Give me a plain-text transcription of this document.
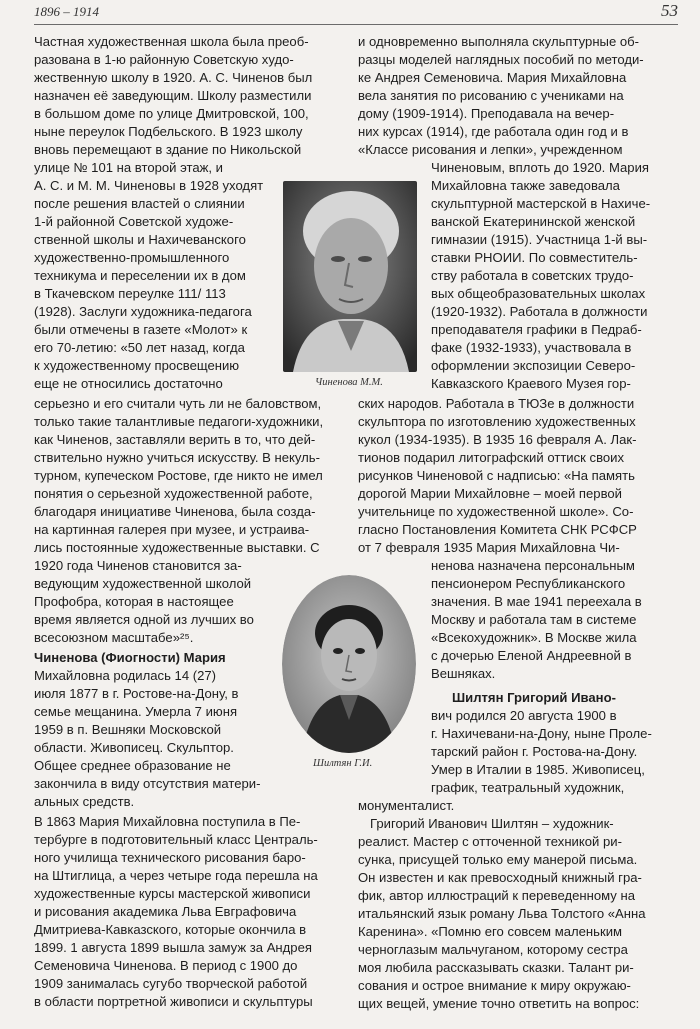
1896 – 1914	53
Чиненова М.М.
Шилтян Г.И.
Частная художественная школа была преоб-
разована в 1-ю районную Советскую худо-
жественную школу в 1920. А. С. Чиненов был
назначен её заведующим. Школу разместили
в большом доме по улице Дмитровской, 100,
ныне переулок Подбельского. В 1923 школу
вновь перемещают в здание по Никольской
улице № 101 на второй этаж, и
А. С. и М. М. Чиненовы в 1928 уходят
после решения властей о слиянии
1-й районной Советской художе-
ственной школы и Нахичеванского
художественно-промышленного
техникума и переселении их в дом
в Ткачевском переулке 111/ 113
(1928). Заслуги художника-педагога
были отмечены в газете «Молот» к
его 70-летию: «50 лет назад, когда
к художественному просвещению
еще не относились достаточно
серьезно и его считали чуть ли не баловством,
только такие талантливые педагоги-художники,
как Чиненов, заставляли верить в то, что дей-
ствительно нужно учиться искусству. В некуль-
турном, купеческом Ростове, где никто не имел
понятия о серьезной художественной работе,
благодаря инициативе Чиненова, была созда-
на картинная галерея при музее, и устраива-
лись постоянные художественные выставки. С
1920 года Чиненов становится за-
ведующим художественной школой
Профобра, которая в настоящее
время является одной из лучших во
всесоюзном масштабе»²⁵.
Чиненова (Фиогности) Мария
Михайловна родилась 14 (27)
июля 1877 в г. Ростове-на-Дону, в
семье мещанина. Умерла 7 июня
1959 в п. Вешняки Московской
области. Живописец. Скульптор.
Общее среднее образование не
закончила в виду отсутствия матери-
альных средств.
В 1863 Мария Михайловна поступила в Пе-
тербурге в подготовительный класс Централь-
ного училища технического рисования баро-
на Штиглица, а через четыре года перешла на
художественные курсы мастерской живописи
и рисования академика Льва Евграфовича
Дмитриева-Кавказского, которые окончила в
1899. 1 августа 1899 вышла замуж за Андрея
Семеновича Чиненова. В период с 1900 до
1909 занималась сугубо творческой работой
в области портретной живописи и скульптуры
и одновременно выполняла скульптурные об-
разцы моделей наглядных пособий по методи-
ке Андрея Семеновича. Мария Михайловна
вела занятия по рисованию с учениками на
дому (1909-1914). Преподавала на вечер-
них курсах (1914), где работала один год и в
«Классе рисования и лепки», учрежденном
Чиненовым, вплоть до 1920. Мария
Михайловна также заведовала
скульптурной мастерской в Нахиче-
ванской Екатерининской женской
гимназии (1915). Участница 1-й вы-
ставки РНОИИ. По совместитель-
ству работала в советских трудо-
вых общеобразовательных школах
(1920-1932). Работала в должности
преподавателя графики в Педраб-
факе (1932-1933), участвовала в
оформлении экспозиции Северо-
Кавказского Краевого Музея гор-
ских народов. Работала в ТЮЗе в должности
скульптора по изготовлению художественных
кукол (1934-1935). В 1935 16 февраля А. Лак-
тионов подарил литографский оттиск своих
рисунков Чиненовой с надписью: «На память
дорогой Марии Михайловне – моей первой
учительнице по художественной школе». Со-
гласно Постановления Комитета СНК РСФСР
от 7 февраля 1935 Мария Михайловна Чи-
ненова назначена персональным
пенсионером Республиканского
значения. В мае 1941 переехала в
Москву и работала там в системе
«Всекохудожник». В Москве жила
с дочерью Еленой Андреевной в
Вешняках.
Шилтян Григорий Ивано-
вич родился 20 августа 1900 в
г. Нахичевани-на-Дону, ныне Проле-
тарский район г. Ростова-на-Дону.
Умер в Италии в 1985. Живописец,
график, театральный художник,
монументалист.
Григорий Иванович Шилтян – художник-
реалист. Мастер с отточенной техникой ри-
сунка, присущей только ему манерой письма.
Он известен и как превосходный книжный гра-
фик, автор иллюстраций к переведенному на
итальянский язык роману Льва Толстого «Анна
Каренина». «Помню его совсем маленьким
черноглазым мальчуганом, которому сестра
моя любила рассказывать сказки. Талант ри-
сования и острое внимание к миру окружаю-
щих вещей, умение точно ответить на вопрос:
